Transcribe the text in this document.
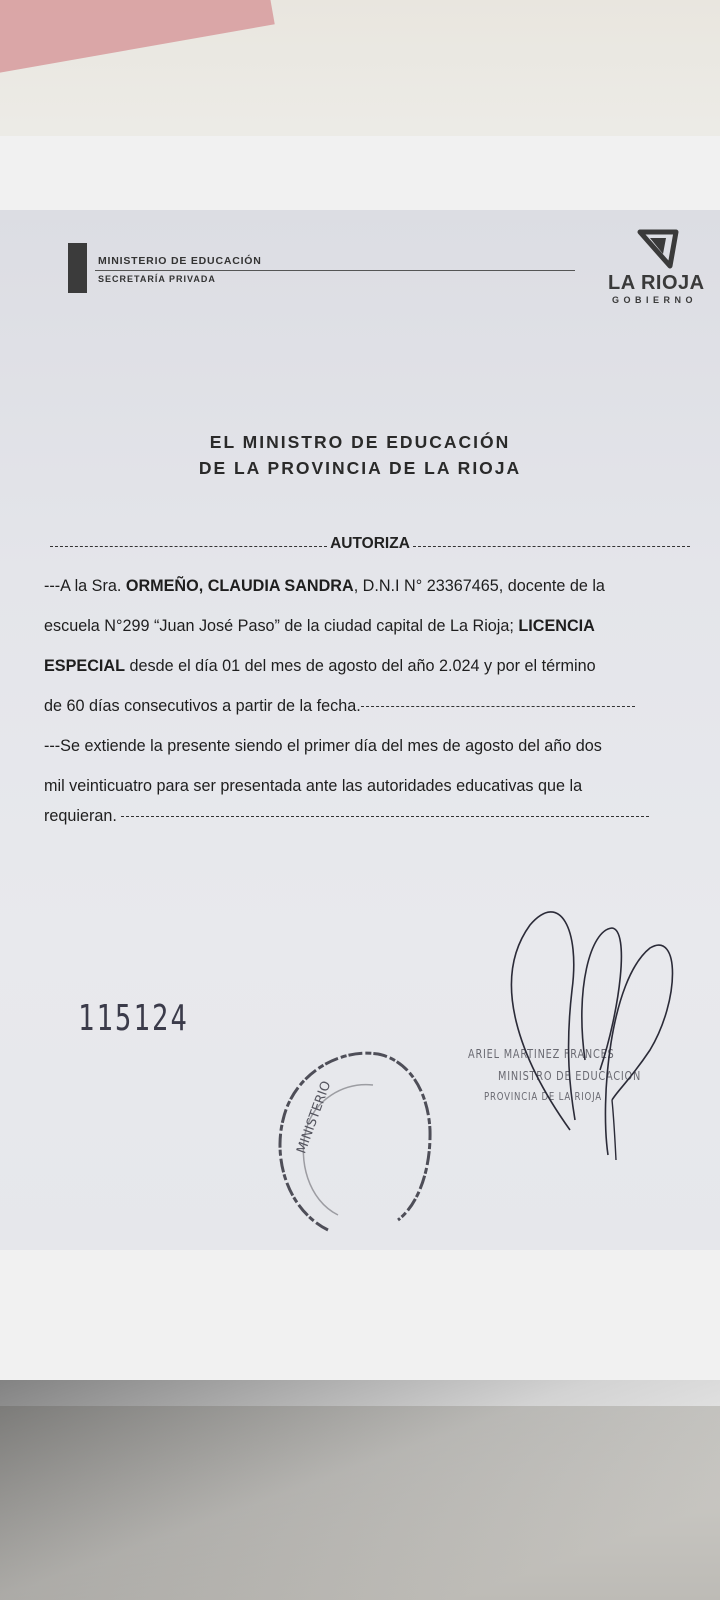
MINISTERIO DE EDUCACIÓN
SECRETARÍA PRIVADA	LA RIOJA
GOBIERNO
EL MINISTRO DE EDUCACIÓN
DE LA PROVINCIA DE LA RIOJA
AUTORIZA
---A la Sra. ORMEÑO, CLAUDIA SANDRA, D.N.I N° 23367465, docente de la
escuela N°299 “Juan José Paso” de la ciudad capital de La Rioja; LICENCIA
ESPECIAL desde el día 01 del mes de agosto del año 2.024 y por el término
de 60 días consecutivos a partir de la fecha.
---Se extiende la presente siendo el primer día del mes de agosto del año dos
mil veinticuatro para ser presentada ante las autoridades educativas que la
requieran.
115124
MINISTERIO
ARIEL MARTINEZ FRANCES
MINISTRO DE EDUCACION
PROVINCIA DE LA RIOJA
